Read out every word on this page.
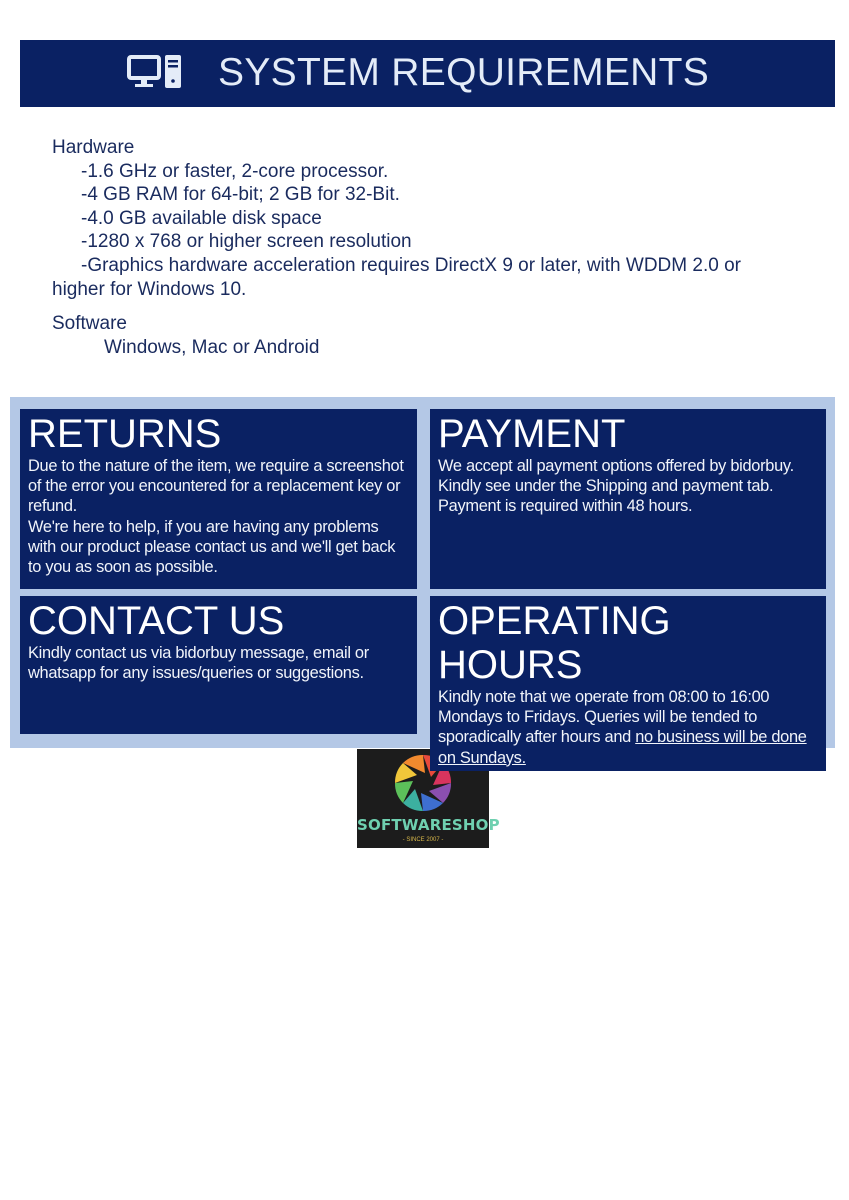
SYSTEM REQUIREMENTS
Hardware
-1.6 GHz or faster, 2-core processor.
-4 GB RAM for 64-bit; 2 GB for 32-Bit.
-4.0 GB available disk space
-1280 x 768 or higher screen resolution
-Graphics hardware acceleration requires DirectX 9 or later, with WDDM 2.0 or
higher for Windows 10.
Software
Windows, Mac or Android
RETURNS

Due to the nature of the item, we require a screenshot of the error you encountered for a replacement key or refund.

We're here to help, if you are having any problems with our product please contact us and we'll get back to you as soon as possible.

PAYMENT

We accept all payment options offered by bidorbuy. Kindly see under the Shipping and payment tab. Payment is required within 48 hours.

CONTACT US

Kindly contact us via bidorbuy message, email or whatsapp for any issues/queries or suggestions.

OPERATING HOURS

Kindly note that we operate from 08:00 to 16:00 Mondays to Fridays. Queries will be tended to sporadically after hours and no business will be done on Sundays.

SOFTWARESHOP
- SINCE 2007 -
